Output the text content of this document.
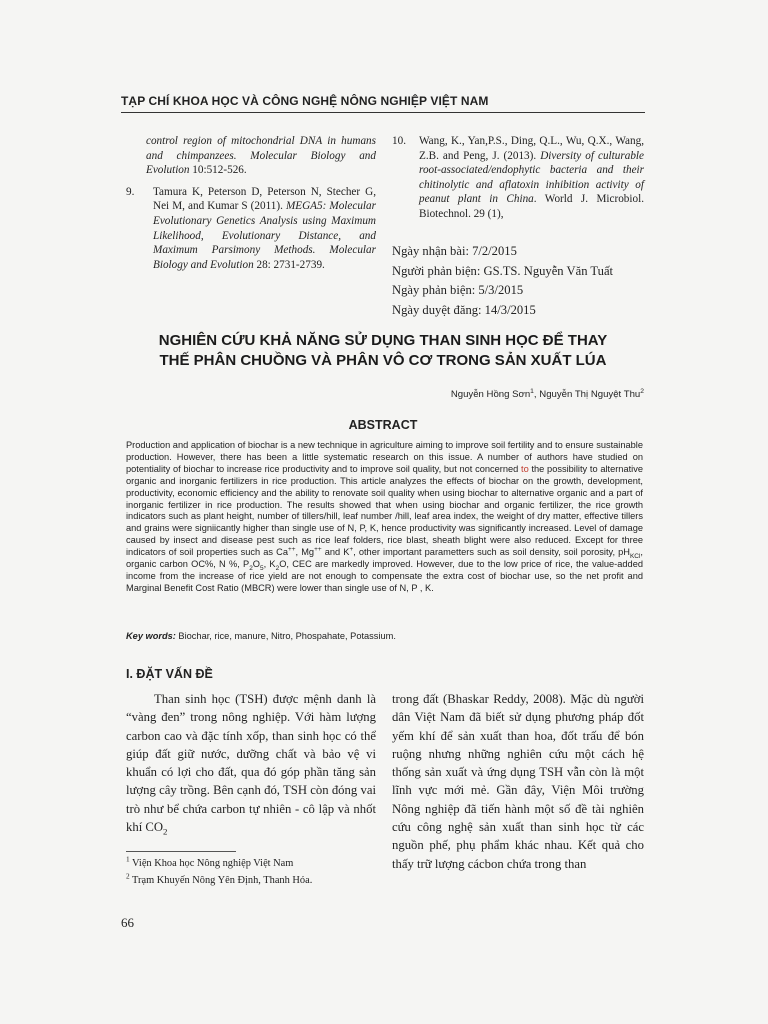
TẠP CHÍ KHOA HỌC VÀ CÔNG NGHỆ NÔNG NGHIỆP VIỆT NAM
control region of mitochondrial DNA in humans and chimpanzees. Molecular Biology and Evolution 10:512-526.
9. Tamura K, Peterson D, Peterson N, Stecher G, Nei M, and Kumar S (2011). MEGA5: Molecular Evolutionary Genetics Analysis using Maximum Likelihood, Evolutionary Distance, and Maximum Parsimony Methods. Molecular Biology and Evolution 28: 2731-2739.
10. Wang, K., Yan,P.S., Ding, Q.L., Wu, Q.X., Wang, Z.B. and Peng, J. (2013). Diversity of culturable root-associated/endophytic bacteria and their chitinolytic and aflatoxin inhibition activity of peanut plant in China. World J. Microbiol. Biotechnol. 29 (1),
Ngày nhận bài: 7/2/2015
Người phản biện: GS.TS. Nguyễn Văn Tuất
Ngày phản biện: 5/3/2015
Ngày duyệt đăng: 14/3/2015
NGHIÊN CỨU KHẢ NĂNG SỬ DỤNG THAN SINH HỌC ĐỂ THAY
THẾ PHÂN CHUỒNG VÀ PHÂN VÔ CƠ TRONG SẢN XUẤT LÚA
Nguyễn Hồng Sơn$^1$, Nguyễn Thị Nguyệt Thu$^2$
ABSTRACT
Production and application of biochar is a new technique in agriculture aiming to improve soil fertility and to ensure sustainable production. However, there has been a little systematic research on this issue. A number of authors have studied on potentiality of biochar to increase rice productivity and to improve soil quality, but not concerned to the possibility to alternative organic and inorganic fertilizers in rice production. This article analyzes the effects of biochar on the growth, development, productivity, economic efficiency and the ability to renovate soil quality when using biochar to alternative organic and a part of inorganic fertilizer in rice production. The results showed that when using biochar and organic fertilizer, the rice growth indicators such as plant height, number of tillers/hill, leaf number /hill, leaf area index, the weight of dry matter, effective tillers and grains were signiicantly higher than single use of N, P, K, hence productivity was significantly increased. Level of damage caused by insect and disease pest such as rice leaf folders, rice blast, sheath blight were also reduced. Except for three indicators of soil properties such as Ca++, Mg++ and K+, other important parametters such as soil density, soil porosity, $pH_{KCl}$, organic carbon OC%, N %, $P_2O_5$, $K_2O$, CEC are markedly improved. However, due to the low price of rice, the value-added income from the increase of rice yield are not enough to compensate the extra cost of biochar use, so the net profit and Marginal Benefit Cost Ratio (MBCR) were lower than single use of N, P , K.
Key words: Biochar, rice, manure, Nitro, Phospahate, Potassium.
I. ĐẶT VẤN ĐỀ
Than sinh học (TSH) được mệnh danh là “vàng đen” trong nông nghiệp. Với hàm lượng carbon cao và đặc tính xốp, than sinh học có thể giúp đất giữ nước, dưỡng chất và bảo vệ vi khuẩn có lợi cho đất, qua đó góp phần tăng sản lượng cây trồng. Bên cạnh đó, TSH còn đóng vai trò như bể chứa carbon tự nhiên - cô lập và nhốt khí $CO_2$
trong đất (Bhaskar Reddy, 2008). Mặc dù người dân Việt Nam đã biết sử dụng phương pháp đốt yếm khí để sản xuất than hoa, đốt trấu để bón ruộng nhưng những nghiên cứu một cách hệ thống sản xuất và ứng dụng TSH vẫn còn là một lĩnh vực mới mẻ. Gần đây, Viện Môi trường Nông nghiệp đã tiến hành một số đề tài nghiên cứu công nghệ sản xuất than sinh học từ các nguồn phế, phụ phẩm khác nhau. Kết quả cho thấy trữ lượng cácbon chứa trong than
$^1$ Viện Khoa học Nông nghiệp Việt Nam
$^2$ Trạm Khuyến Nông Yên Định, Thanh Hóa.
66
